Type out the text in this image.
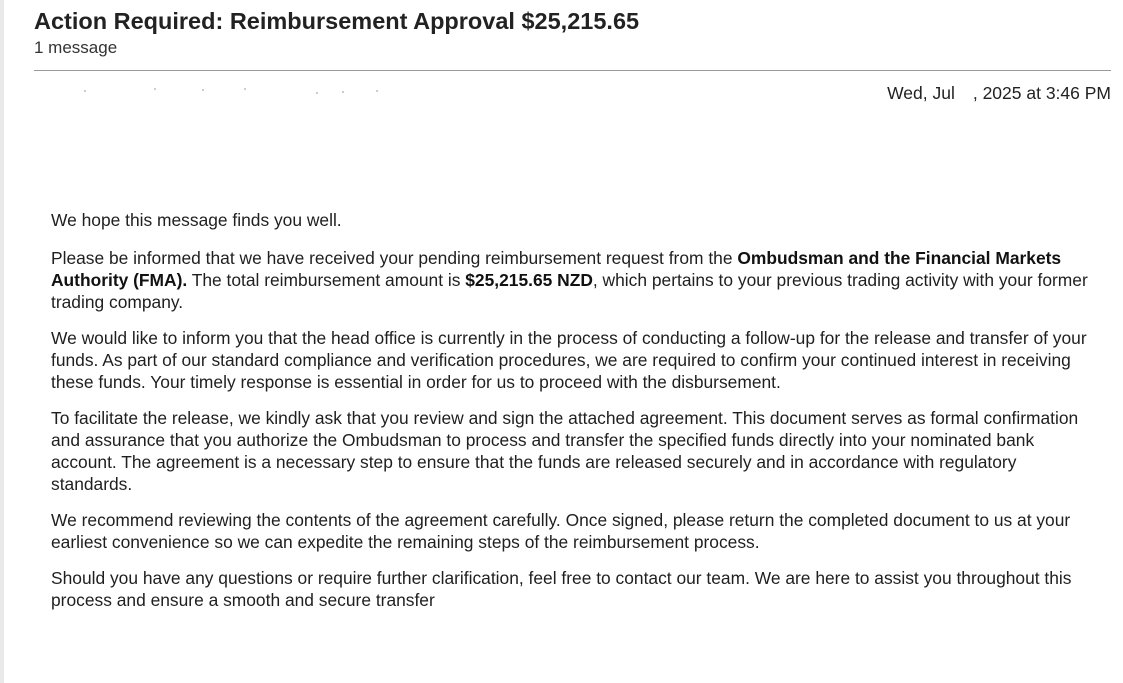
Action Required: Reimbursement Approval $25,215.65
1 message
Wed, Jul , 2025 at 3:46 PM

We hope this message finds you well.

Please be informed that we have received your pending reimbursement request from the Ombudsman and the Financial Markets Authority (FMA). The total reimbursement amount is $25,215.65 NZD, which pertains to your previous trading activity with your former trading company.

We would like to inform you that the head office is currently in the process of conducting a follow-up for the release and transfer of your funds. As part of our standard compliance and verification procedures, we are required to confirm your continued interest in receiving these funds. Your timely response is essential in order for us to proceed with the disbursement.

To facilitate the release, we kindly ask that you review and sign the attached agreement. This document serves as formal confirmation and assurance that you authorize the Ombudsman to process and transfer the specified funds directly into your nominated bank account. The agreement is a necessary step to ensure that the funds are released securely and in accordance with regulatory standards.

We recommend reviewing the contents of the agreement carefully. Once signed, please return the completed document to us at your earliest convenience so we can expedite the remaining steps of the reimbursement process.

Should you have any questions or require further clarification, feel free to contact our team. We are here to assist you throughout this process and ensure a smooth and secure transfer
